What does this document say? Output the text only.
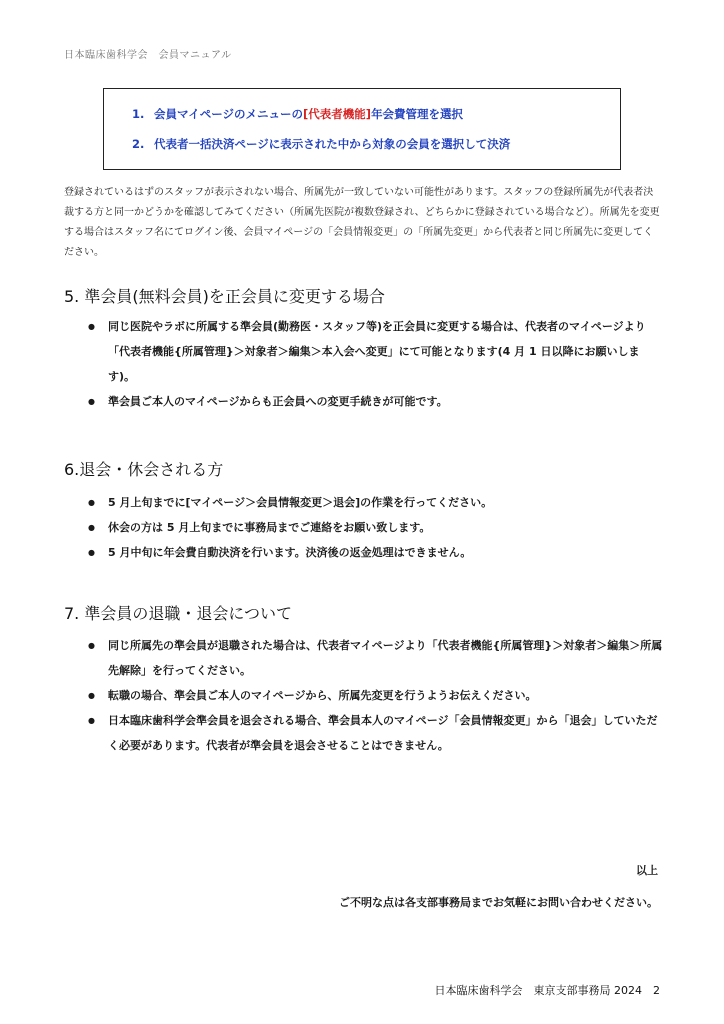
日本臨床歯科学会　会員マニュアル
1. 会員マイページのメニューの[代表者機能]年会費管理を選択
2. 代表者一括決済ページに表示された中から対象の会員を選択して決済

登録されているはずのスタッフが表示されない場合、所属先が一致していない可能性があります。スタッフの登録所属先が代表者決裁する方と同一かどうかを確認してみてください（所属先医院が複数登録され、どちらかに登録されている場合など）。所属先を変更する場合はスタッフ名にてログイン後、会員マイページの「会員情報変更」の「所属先変更」から代表者と同じ所属先に変更してください。

5. 準会員(無料会員)を正会員に変更する場合
● 同じ医院やラボに所属する準会員(勤務医・スタッフ等)を正会員に変更する場合は、代表者のマイページより「代表者機能{所属管理}＞対象者＞編集＞本入会へ変更」にて可能となります(4 月 1 日以降にお願いします)。
● 準会員ご本人のマイページからも正会員への変更手続きが可能です。
6.退会・休会される方
● 5 月上旬までに[マイページ＞会員情報変更＞退会]の作業を行ってください。
● 休会の方は 5 月上旬までに事務局までご連絡をお願い致します。
● 5 月中旬に年会費自動決済を行います。決済後の返金処理はできません。
7. 準会員の退職・退会について
● 同じ所属先の準会員が退職された場合は、代表者マイページより「代表者機能{所属管理}＞対象者＞編集＞所属先解除」を行ってください。
● 転職の場合、準会員ご本人のマイページから、所属先変更を行うようお伝えください。
● 日本臨床歯科学会準会員を退会される場合、準会員本人のマイページ「会員情報変更」から「退会」していただく必要があります。代表者が準会員を退会させることはできません。
以上
ご不明な点は各支部事務局までお気軽にお問い合わせください。
日本臨床歯科学会　東京支部事務局 2024　2
